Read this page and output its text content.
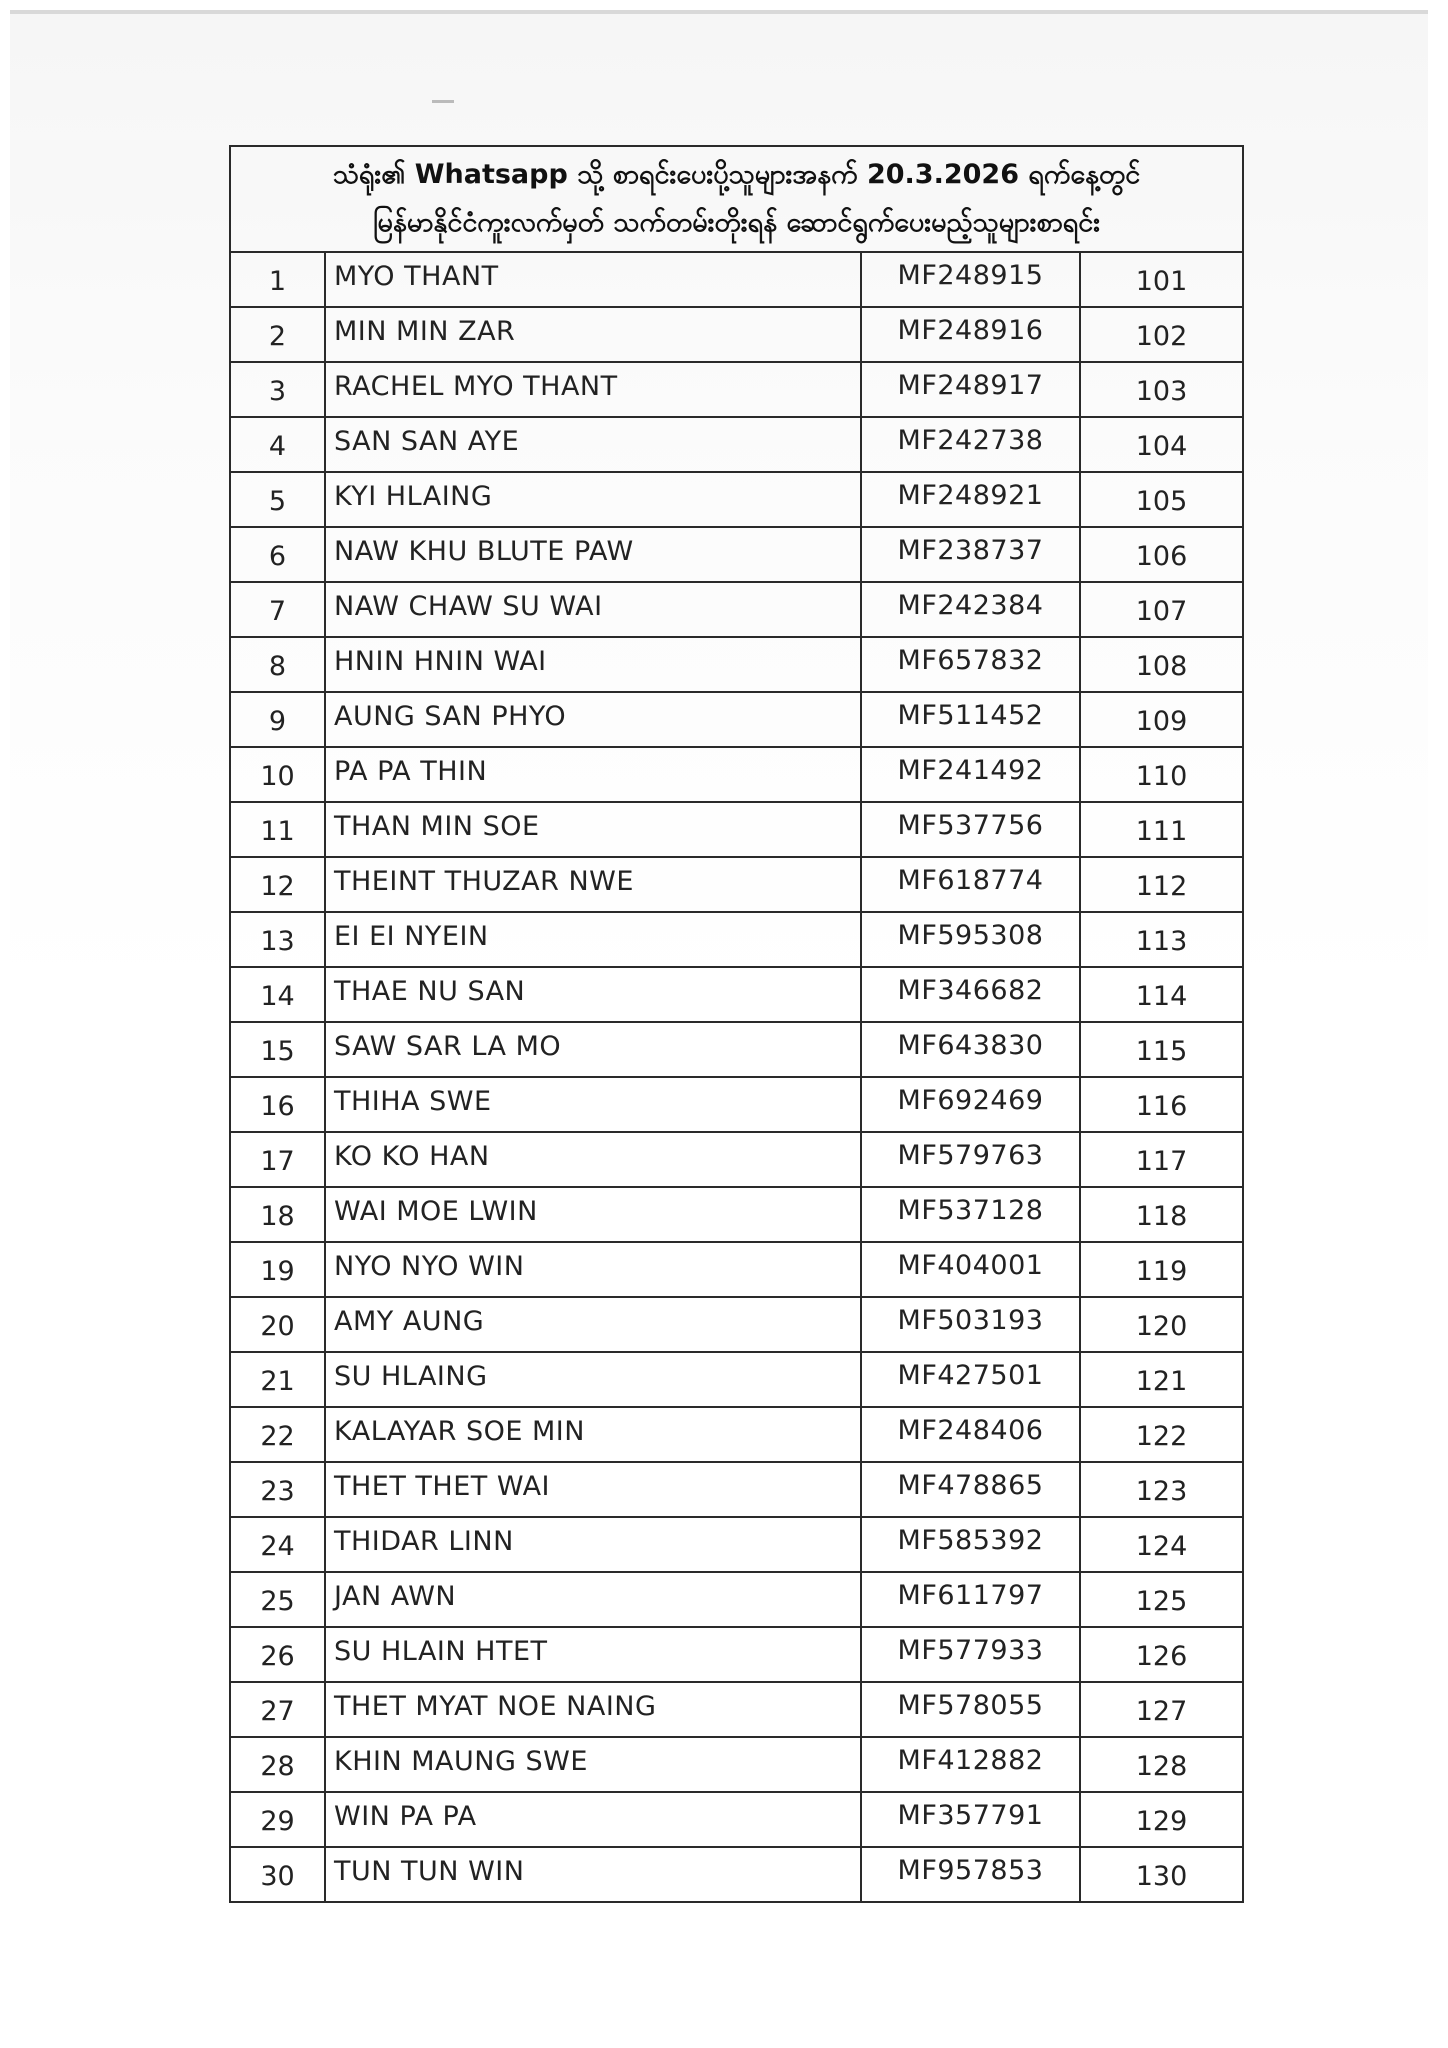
သံရုံး၏ Whatsapp သို့ စာရင်းပေးပို့သူများအနက် 20.3.2026 ရက်နေ့တွင်
မြန်မာနိုင်ငံကူးလက်မှတ် သက်တမ်းတိုးရန် ဆောင်ရွက်ပေးမည့်သူများစာရင်း			

1	MYO THANT	MF248915	101
2	MIN MIN ZAR	MF248916	102
3	RACHEL MYO THANT	MF248917	103
4	SAN SAN AYE	MF242738	104
5	KYI HLAING	MF248921	105
6	NAW KHU BLUTE PAW	MF238737	106
7	NAW CHAW SU WAI	MF242384	107
8	HNIN HNIN WAI	MF657832	108
9	AUNG SAN PHYO	MF511452	109
10	PA PA THIN	MF241492	110
11	THAN MIN SOE	MF537756	111
12	THEINT THUZAR NWE	MF618774	112
13	EI EI NYEIN	MF595308	113
14	THAE NU SAN	MF346682	114
15	SAW SAR LA MO	MF643830	115
16	THIHA SWE	MF692469	116
17	KO KO HAN	MF579763	117
18	WAI MOE LWIN	MF537128	118
19	NYO NYO WIN	MF404001	119
20	AMY AUNG	MF503193	120
21	SU HLAING	MF427501	121
22	KALAYAR SOE MIN	MF248406	122
23	THET THET WAI	MF478865	123
24	THIDAR LINN	MF585392	124
25	JAN AWN	MF611797	125
26	SU HLAIN HTET	MF577933	126
27	THET MYAT NOE NAING	MF578055	127
28	KHIN MAUNG SWE	MF412882	128
29	WIN PA PA	MF357791	129
30	TUN TUN WIN	MF957853	130
